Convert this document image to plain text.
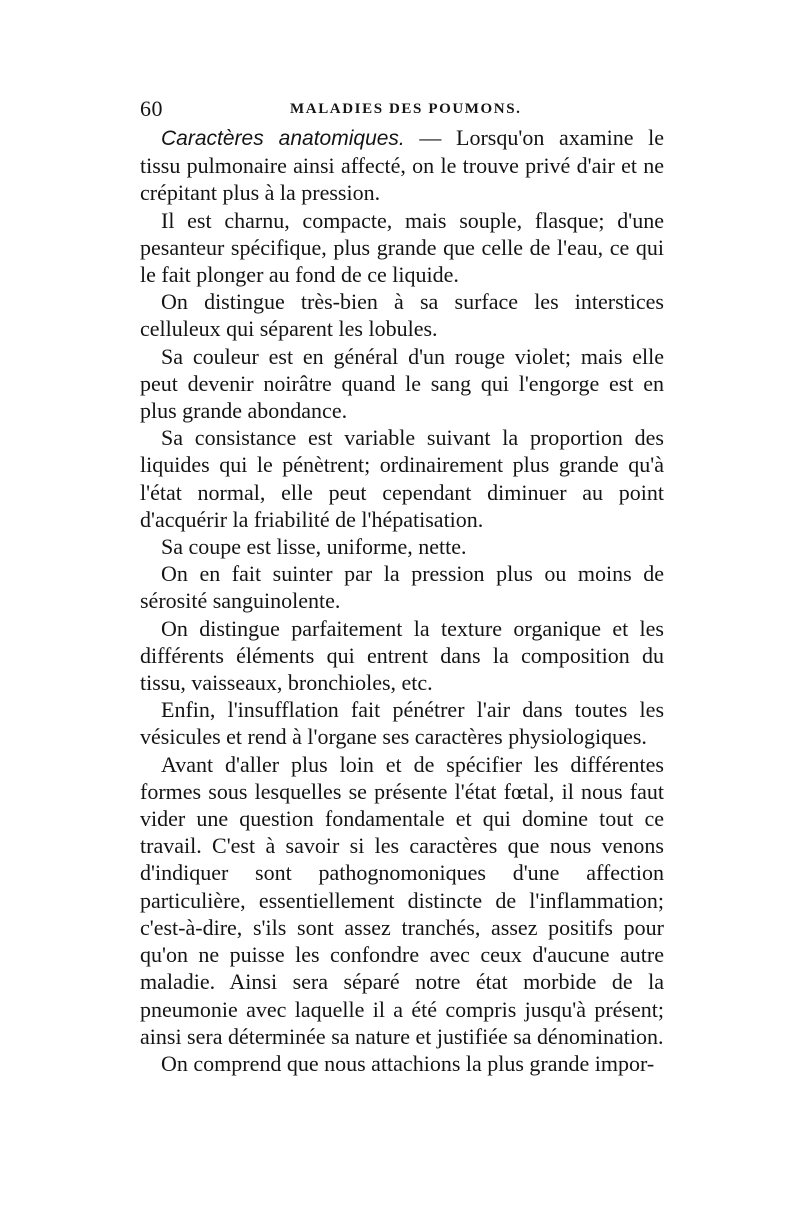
60	MALADIES DES POUMONS.

Caractères anatomiques. — Lorsqu'on axamine le tissu pulmonaire ainsi affecté, on le trouve privé d'air et ne crépitant plus à la pression.

Il est charnu, compacte, mais souple, flasque; d'une pesanteur spécifique, plus grande que celle de l'eau, ce qui le fait plonger au fond de ce liquide.

On distingue très-bien à sa surface les interstices celluleux qui séparent les lobules.

Sa couleur est en général d'un rouge violet; mais elle peut devenir noirâtre quand le sang qui l'engorge est en plus grande abondance.

Sa consistance est variable suivant la proportion des liquides qui le pénètrent; ordinairement plus grande qu'à l'état normal, elle peut cependant diminuer au point d'acquérir la friabilité de l'hépatisation.

Sa coupe est lisse, uniforme, nette.

On en fait suinter par la pression plus ou moins de sérosité sanguinolente.

On distingue parfaitement la texture organique et les différents éléments qui entrent dans la composition du tissu, vaisseaux, bronchioles, etc.

Enfin, l'insufflation fait pénétrer l'air dans toutes les vésicules et rend à l'organe ses caractères physiologiques.

Avant d'aller plus loin et de spécifier les différentes formes sous lesquelles se présente l'état fœtal, il nous faut vider une question fondamentale et qui domine tout ce travail. C'est à savoir si les caractères que nous venons d'indiquer sont pathognomoniques d'une affection particulière, essentiellement distincte de l'inflammation; c'est-à-dire, s'ils sont assez tranchés, assez positifs pour qu'on ne puisse les confondre avec ceux d'aucune autre maladie. Ainsi sera séparé notre état morbide de la pneumonie avec laquelle il a été compris jusqu'à présent; ainsi sera déterminée sa nature et justifiée sa dénomination.

On comprend que nous attachions la plus grande impor-
